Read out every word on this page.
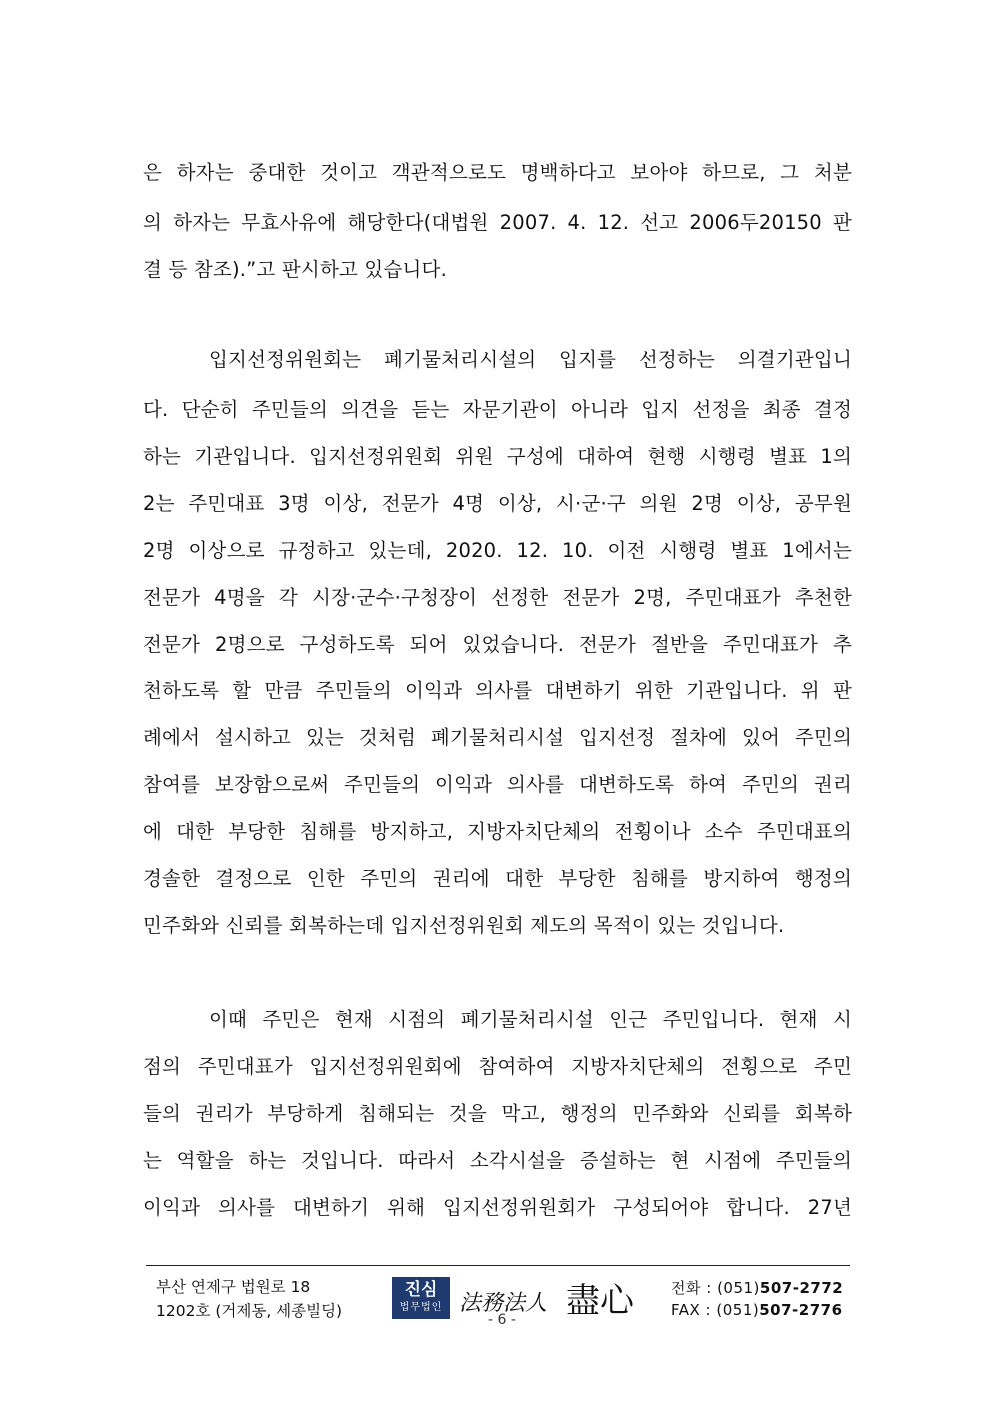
은 하자는 중대한 것이고 객관적으로도 명백하다고 보아야 하므로, 그 처분
의 하자는 무효사유에 해당한다(대법원 2007. 4. 12. 선고 2006두20150 판
결 등 참조).”고 판시하고 있습니다.
입지선정위원회는 폐기물처리시설의 입지를 선정하는 의결기관입니
다. 단순히 주민들의 의견을 듣는 자문기관이 아니라 입지 선정을 최종 결정
하는 기관입니다. 입지선정위원회 위원 구성에 대하여 현행 시행령 별표 1의
2는 주민대표 3명 이상, 전문가 4명 이상, 시·군·구 의원 2명 이상, 공무원
2명 이상으로 규정하고 있는데, 2020. 12. 10. 이전 시행령 별표 1에서는
전문가 4명을 각 시장·군수·구청장이 선정한 전문가 2명, 주민대표가 추천한
전문가 2명으로 구성하도록 되어 있었습니다. 전문가 절반을 주민대표가 추
천하도록 할 만큼 주민들의 이익과 의사를 대변하기 위한 기관입니다. 위 판
례에서 설시하고 있는 것처럼 폐기물처리시설 입지선정 절차에 있어 주민의
참여를 보장함으로써 주민들의 이익과 의사를 대변하도록 하여 주민의 권리
에 대한 부당한 침해를 방지하고, 지방자치단체의 전횡이나 소수 주민대표의
경솔한 결정으로 인한 주민의 권리에 대한 부당한 침해를 방지하여 행정의
민주화와 신뢰를 회복하는데 입지선정위원회 제도의 목적이 있는 것입니다.
이때 주민은 현재 시점의 폐기물처리시설 인근 주민입니다. 현재 시
점의 주민대표가 입지선정위원회에 참여하여 지방자치단체의 전횡으로 주민
들의 권리가 부당하게 침해되는 것을 막고, 행정의 민주화와 신뢰를 회복하
는 역할을 하는 것입니다. 따라서 소각시설을 증설하는 현 시점에 주민들의
이익과 의사를 대변하기 위해 입지선정위원회가 구성되어야 합니다. 27년
부산 연제구 법원로 18
1202호 (거제동, 세종빌딩)
진심
법무법인 法務法人 盡心
- 6 -
전화 : (051)507-2772
FAX : (051)507-2776
